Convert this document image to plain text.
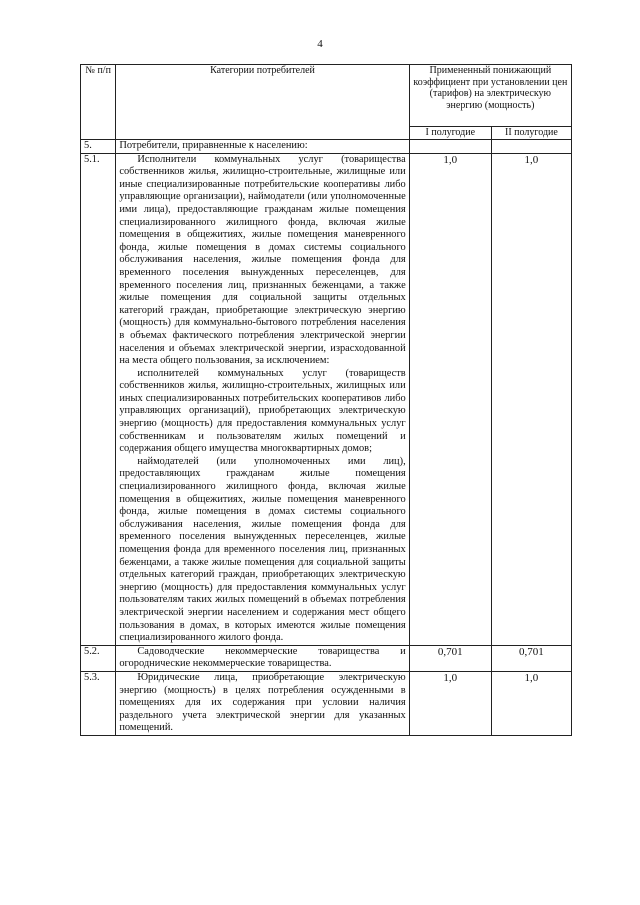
4
№ п/п	Категории потребителей	Примененный понижающий коэффициент при установлении цен (тарифов) на электрическую энергию (мощность)	
		I полугодие	II полугодие
5.	Потребители, приравненные к населению:		

5.1.	Исполнители коммунальных услуг (товарищества собственников жилья, жилищно-строительные, жилищные или иные специализированные потребительские кооперативы либо управляющие организации), наймодатели (или уполномоченные ими лица), предоставляющие гражданам жилые помещения специализированного жилищного фонда, включая жилые помещения в общежитиях, жилые помещения маневренного фонда, жилые помещения в домах системы социального обслуживания населения, жилые помещения фонда для временного поселения вынужденных переселенцев, для временного поселения лиц, признанных беженцами, а также жилые помещения для социальной защиты отдельных категорий граждан, приобретающие электрическую энергию (мощность) для коммунально-бытового потребления населения в объемах фактического потребления электрической энергии населения и объемах электрической энергии, израсходованной на места общего пользования, за исключением:

исполнителей коммунальных услуг (товариществ собственников жилья, жилищно-строительных, жилищных или иных специализированных потребительских кооперативов либо управляющих организаций), приобретающих электрическую энергию (мощность) для предоставления коммунальных услуг собственникам и пользователям жилых помещений и содержания общего имущества многоквартирных домов;

наймодателей (или уполномоченных ими лиц), предоставляющих гражданам жилые помещения специализированного жилищного фонда, включая жилые помещения в общежитиях, жилые помещения маневренного фонда, жилые помещения в домах системы социального обслуживания населения, жилые помещения фонда для временного поселения вынужденных переселенцев, жилые помещения фонда для временного поселения лиц, признанных беженцами, а также жилые помещения для социальной защиты отдельных категорий граждан, приобретающих электрическую энергию (мощность) для предоставления коммунальных услуг пользователям таких жилых помещений в объемах потребления электрической энергии населением и содержания мест общего пользования в домах, в которых имеются жилые помещения специализированного жилого фонда.	1,0	1,0
5.2.	Садоводческие некоммерческие товарищества и огороднические некоммерческие товарищества.	0,701	0,701
5.3.	Юридические лица, приобретающие электрическую энергию (мощность) в целях потребления осужденными в помещениях для их содержания при условии наличия раздельного учета электрической энергии для указанных помещений.	1,0	1,0
